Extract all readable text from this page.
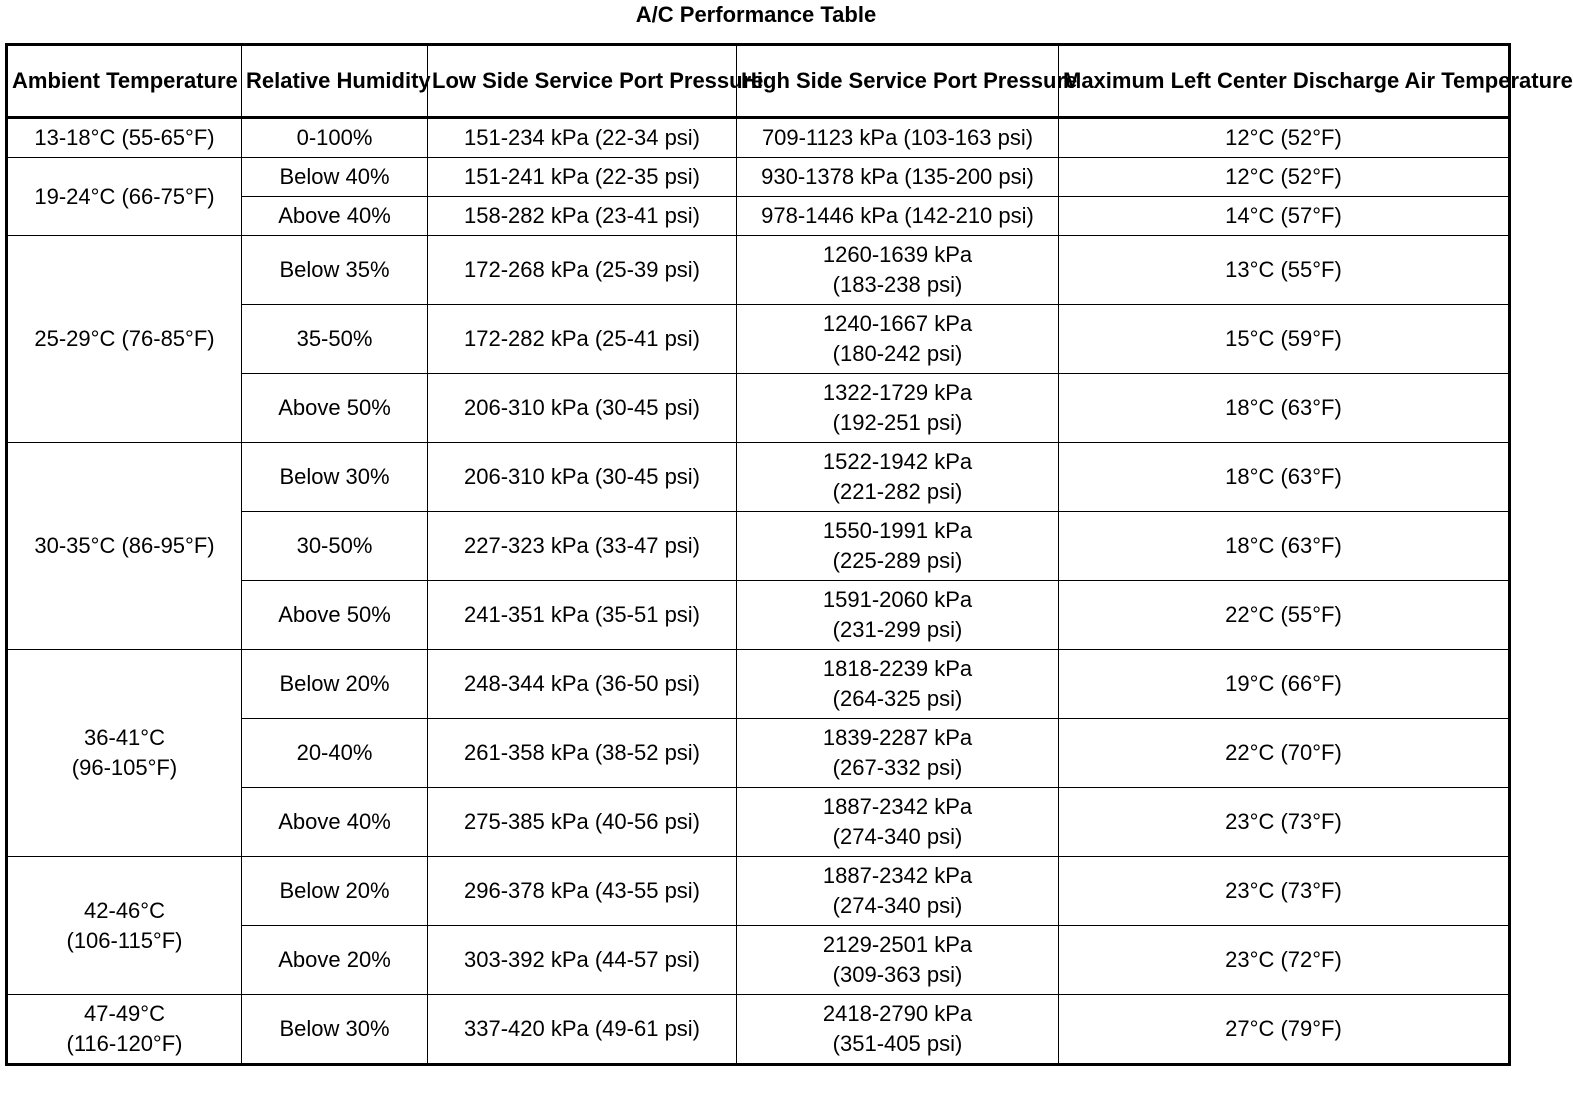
A/C Performance Table
Ambient Temperature	Relative Humidity	Low Side Service Port Pressure	High Side Service Port Pressure	Maximum Left Center Discharge Air Temperature

13-18°C (55-65°F)	0-100%	151-234 kPa (22-34 psi)	709-1123 kPa (103-163 psi)	12°C (52°F)

19-24°C (66-75°F)	Below 40%	151-241 kPa (22-35 psi)	930-1378 kPa (135-200 psi)	12°C (52°F)
	Above 40%	158-282 kPa (23-41 psi)	978-1446 kPa (142-210 psi)	14°C (57°F)

25-29°C (76-85°F)	Below 35%	172-268 kPa (25-39 psi)	1260-1639 kPa
(183-238 psi)	13°C (55°F)
	35-50%	172-282 kPa (25-41 psi)	1240-1667 kPa
(180-242 psi)	15°C (59°F)
	Above 50%	206-310 kPa (30-45 psi)	1322-1729 kPa
(192-251 psi)	18°C (63°F)

30-35°C (86-95°F)	Below 30%	206-310 kPa (30-45 psi)	1522-1942 kPa
(221-282 psi)	18°C (63°F)
	30-50%	227-323 kPa (33-47 psi)	1550-1991 kPa
(225-289 psi)	18°C (63°F)
	Above 50%	241-351 kPa (35-51 psi)	1591-2060 kPa
(231-299 psi)	22°C (55°F)

36-41°C
(96-105°F)	Below 20%	248-344 kPa (36-50 psi)	1818-2239 kPa
(264-325 psi)	19°C (66°F)
	20-40%	261-358 kPa (38-52 psi)	1839-2287 kPa
(267-332 psi)	22°C (70°F)
	Above 40%	275-385 kPa (40-56 psi)	1887-2342 kPa
(274-340 psi)	23°C (73°F)

42-46°C
(106-115°F)	Below 20%	296-378 kPa (43-55 psi)	1887-2342 kPa
(274-340 psi)	23°C (73°F)
	Above 20%	303-392 kPa (44-57 psi)	2129-2501 kPa
(309-363 psi)	23°C (72°F)

47-49°C
(116-120°F)	Below 30%	337-420 kPa (49-61 psi)	2418-2790 kPa
(351-405 psi)	27°C (79°F)
